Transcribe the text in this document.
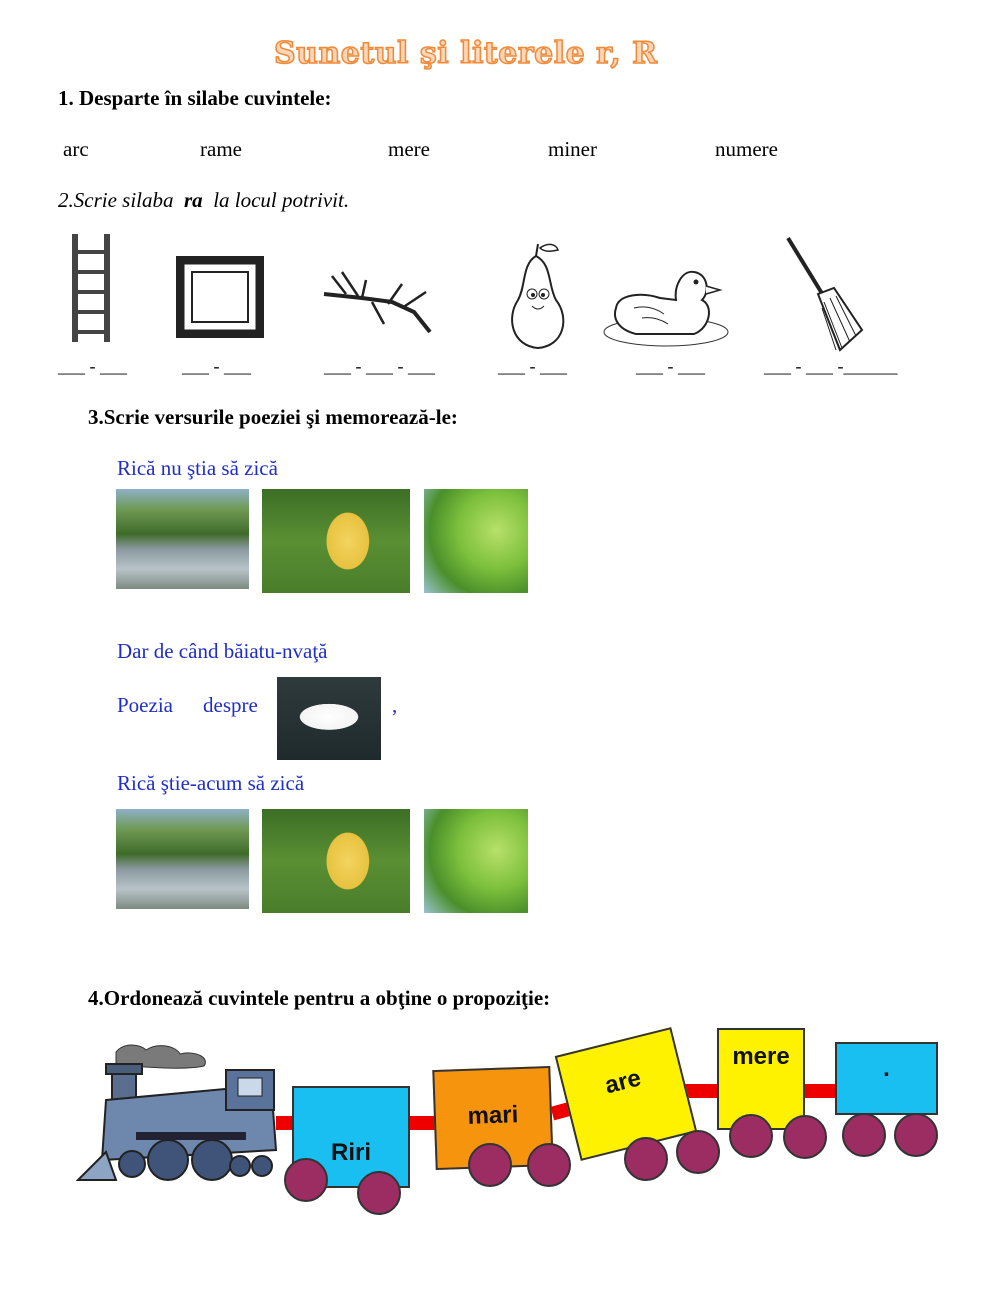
Sunetul şi literele r, R
1. Desparte în silabe cuvintele:
arc	rame	mere	miner	numere
2.Scrie silaba ra la locul potrivit.
___ - ___	___ - ___	___ - ___ - ___	___ - ___	___ - ___	___ - ___ -______
3.Scrie versurile poeziei şi memorează-le:
Rică nu ştia să zică
Dar de când băiatu-nvaţă
Poezia despre	,
Rică ştie-acum să zică
4.Ordonează cuvintele pentru a obţine o propoziţie:
Riri
mari
are
mere	.
